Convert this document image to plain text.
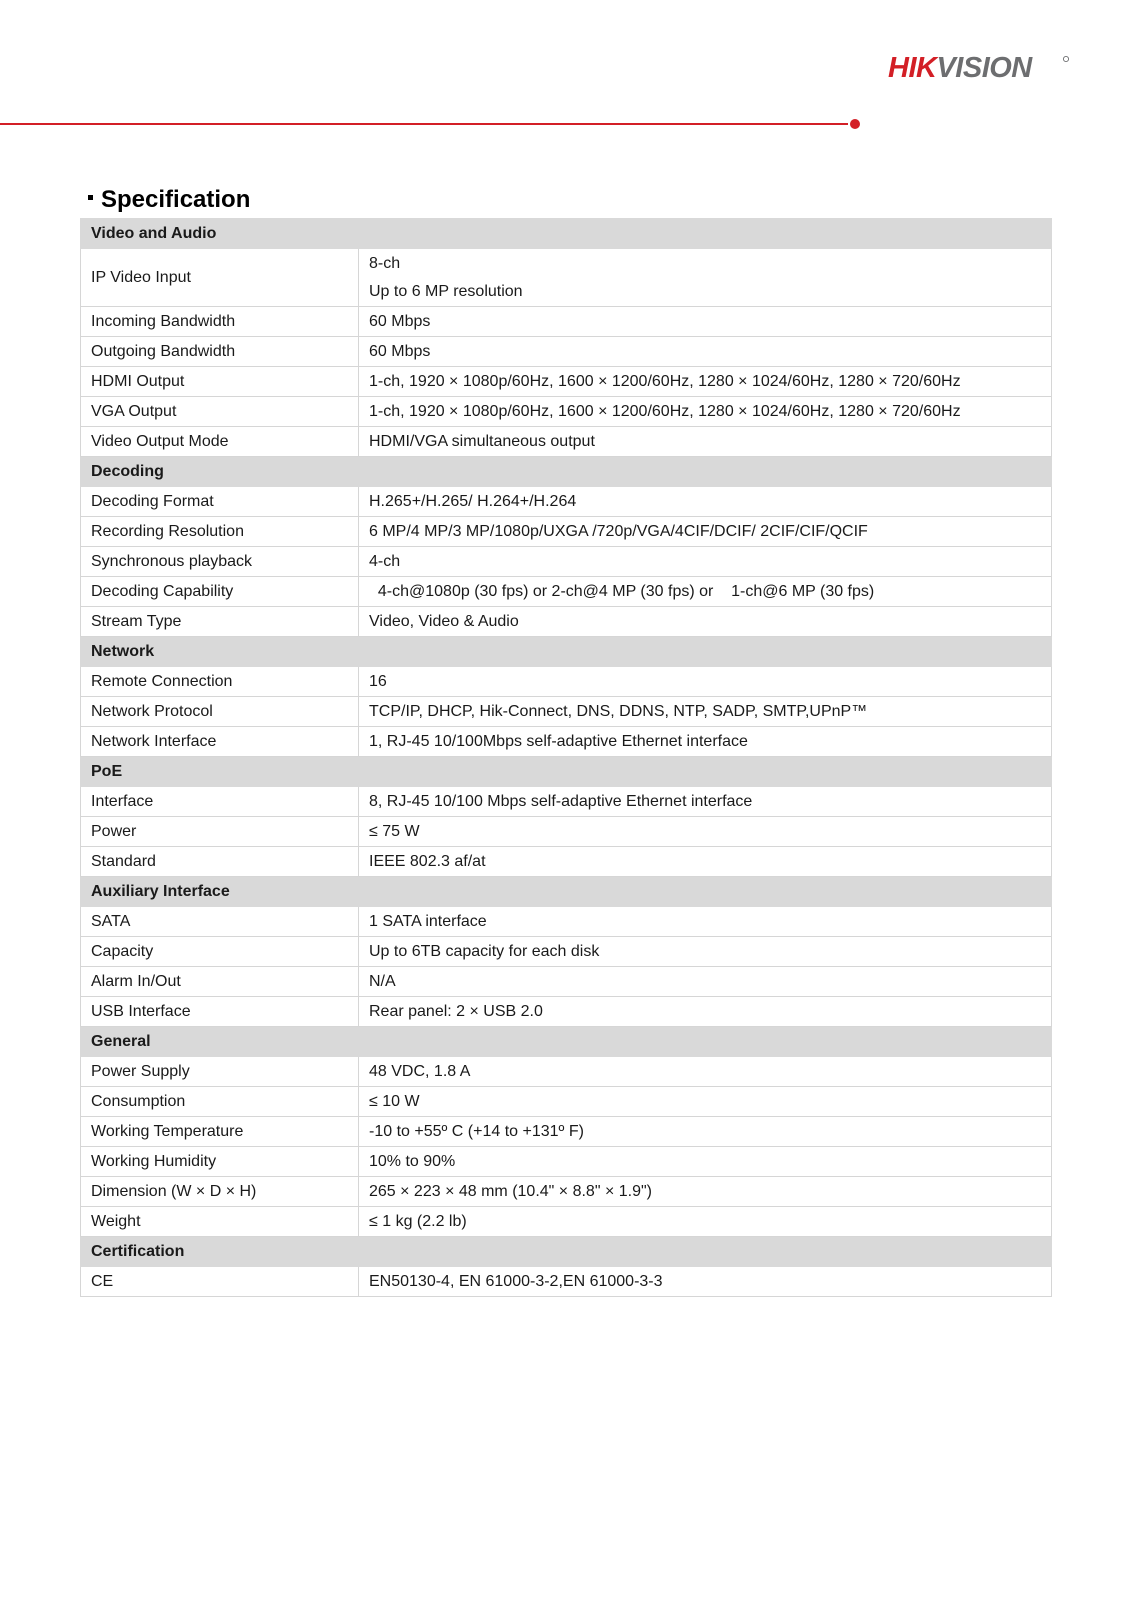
HIKVISION
Specification
Video and Audio	
IP Video Input	8-ch
Up to 6 MP resolution

Incoming Bandwidth	60 Mbps

Outgoing Bandwidth	60 Mbps

HDMI Output	1-ch, 1920 × 1080p/60Hz, 1600 × 1200/60Hz, 1280 × 1024/60Hz, 1280 × 720/60Hz

VGA Output	1-ch, 1920 × 1080p/60Hz, 1600 × 1200/60Hz, 1280 × 1024/60Hz, 1280 × 720/60Hz

Video Output Mode	HDMI/VGA simultaneous output

Decoding	
Decoding Format	H.265+/H.265/ H.264+/H.264

Recording Resolution	6 MP/4 MP/3 MP/1080p/UXGA /720p/VGA/4CIF/DCIF/ 2CIF/CIF/QCIF

Synchronous playback	4-ch

Decoding Capability	4-ch@1080p (30 fps) or 2-ch@4 MP (30 fps) or    1-ch@6 MP (30 fps)

Stream Type	Video, Video & Audio

Network	
Remote Connection	16

Network Protocol	TCP/IP, DHCP, Hik-Connect, DNS, DDNS, NTP, SADP, SMTP,UPnP™

Network Interface	1, RJ-45 10/100Mbps self-adaptive Ethernet interface

PoE	
Interface	8, RJ-45 10/100 Mbps self-adaptive Ethernet interface

Power	≤ 75 W

Standard	IEEE 802.3 af/at

Auxiliary Interface	
SATA	1 SATA interface

Capacity	Up to 6TB capacity for each disk

Alarm In/Out	N/A

USB Interface	Rear panel: 2 × USB 2.0

General	
Power Supply	48 VDC, 1.8 A

Consumption	≤ 10 W

Working Temperature	-10 to +55º C (+14 to +131º F)

Working Humidity	10% to 90%

Dimension (W × D × H)	265 × 223 × 48 mm (10.4" × 8.8" × 1.9")

Weight	≤ 1 kg (2.2 lb)

Certification	
CE	EN50130-4, EN 61000-3-2,EN 61000-3-3
